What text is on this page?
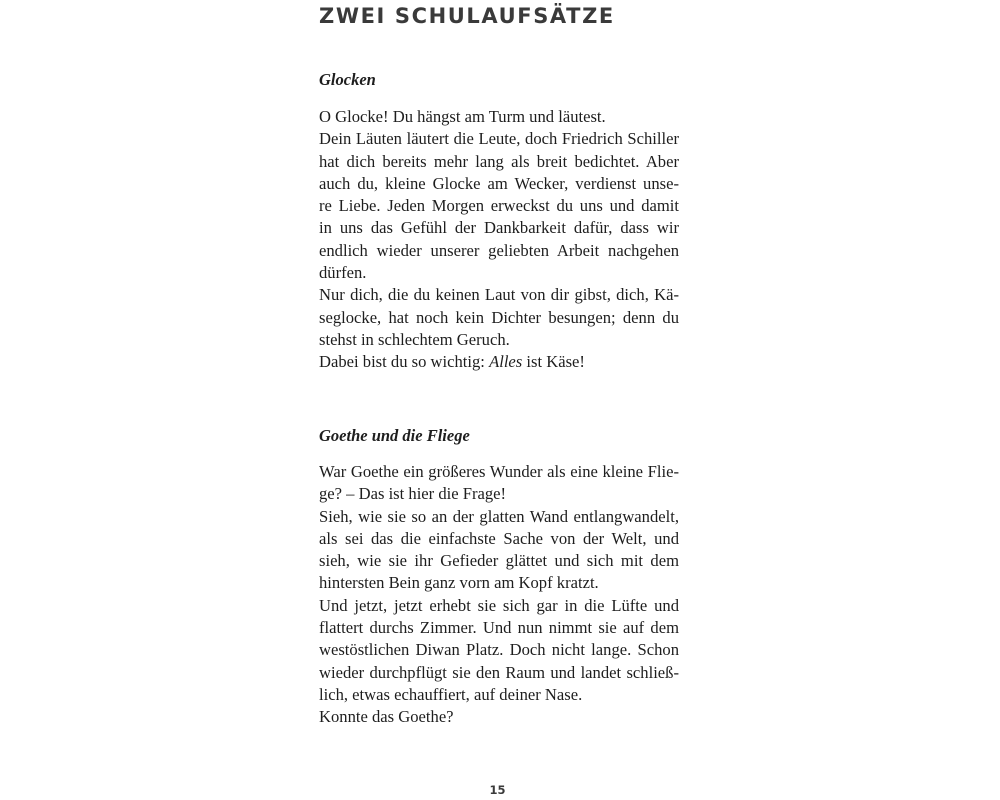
ZWEI SCHULAUFSÄTZE
Glocken
O Glocke! Du hängst am Turm und läutest.
Dein Läuten läutert die Leute, doch Friedrich Schiller
hat dich bereits mehr lang als breit bedichtet. Aber
auch du, kleine Glocke am Wecker, verdienst unse-
re Liebe. Jeden Morgen erweckst du uns und damit
in uns das Gefühl der Dankbarkeit dafür, dass wir
endlich wieder unserer geliebten Arbeit nachgehen
dürfen.
Nur dich, die du keinen Laut von dir gibst, dich, Kä-
seglocke, hat noch kein Dichter besungen; denn du
stehst in schlechtem Geruch.
Dabei bist du so wichtig: Alles ist Käse!
Goethe und die Fliege
War Goethe ein größeres Wunder als eine kleine Flie-
ge? – Das ist hier die Frage!
Sieh, wie sie so an der glatten Wand entlangwandelt,
als sei das die einfachste Sache von der Welt, und
sieh, wie sie ihr Gefieder glättet und sich mit dem
hintersten Bein ganz vorn am Kopf kratzt.
Und jetzt, jetzt erhebt sie sich gar in die Lüfte und
flattert durchs Zimmer. Und nun nimmt sie auf dem
westöstlichen Diwan Platz. Doch nicht lange. Schon
wieder durchpflügt sie den Raum und landet schließ-
lich, etwas echauffiert, auf deiner Nase.
Konnte das Goethe?
15
